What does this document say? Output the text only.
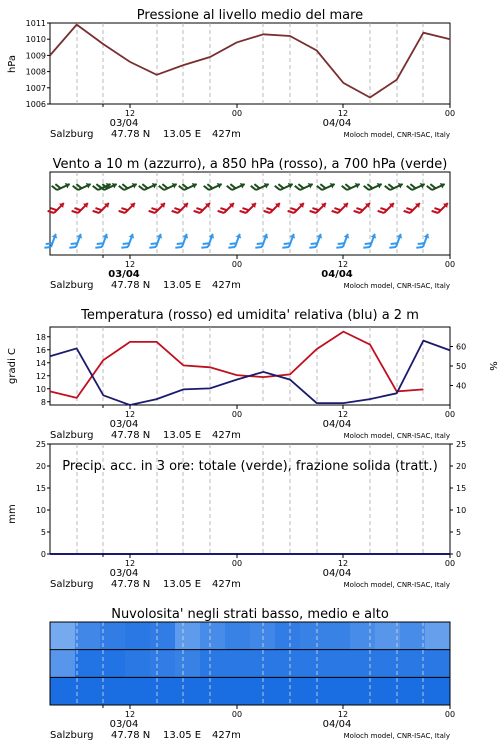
Pressione al livello medio del mare
1006
1007
1008
1009
1010
1011
hPa
12	00	12	00
03/04	04/04
Salzburg 47.78 N 13.05 E 427m	Moloch model, CNR-ISAC, Italy
Vento a 10 m (azzurro), a 850 hPa (rosso), a 700 hPa (verde)
12	00	12	00
03/04	04/04
Salzburg 47.78 N 13.05 E 427m	Moloch model, CNR-ISAC, Italy
Temperatura (rosso) ed umidita' relativa (blu) a 2 m
8
10
12
14
16
18
40
50
60
gradi C	%
12	00	12	00
03/04	04/04
Salzburg 47.78 N 13.05 E 427m	Moloch model, CNR-ISAC, Italy
Precip. acc. in 3 ore: totale (verde), frazione solida (tratt.)
0
5
10
15
20
25
0
5
10
15
20
25
mm
12	00	12	00
03/04	04/04
Salzburg 47.78 N 13.05 E 427m	Moloch model, CNR-ISAC, Italy
Nuvolosita' negli strati basso, medio e alto
12	00	12	00
03/04	04/04
Salzburg 47.78 N 13.05 E 427m	Moloch model, CNR-ISAC, Italy
